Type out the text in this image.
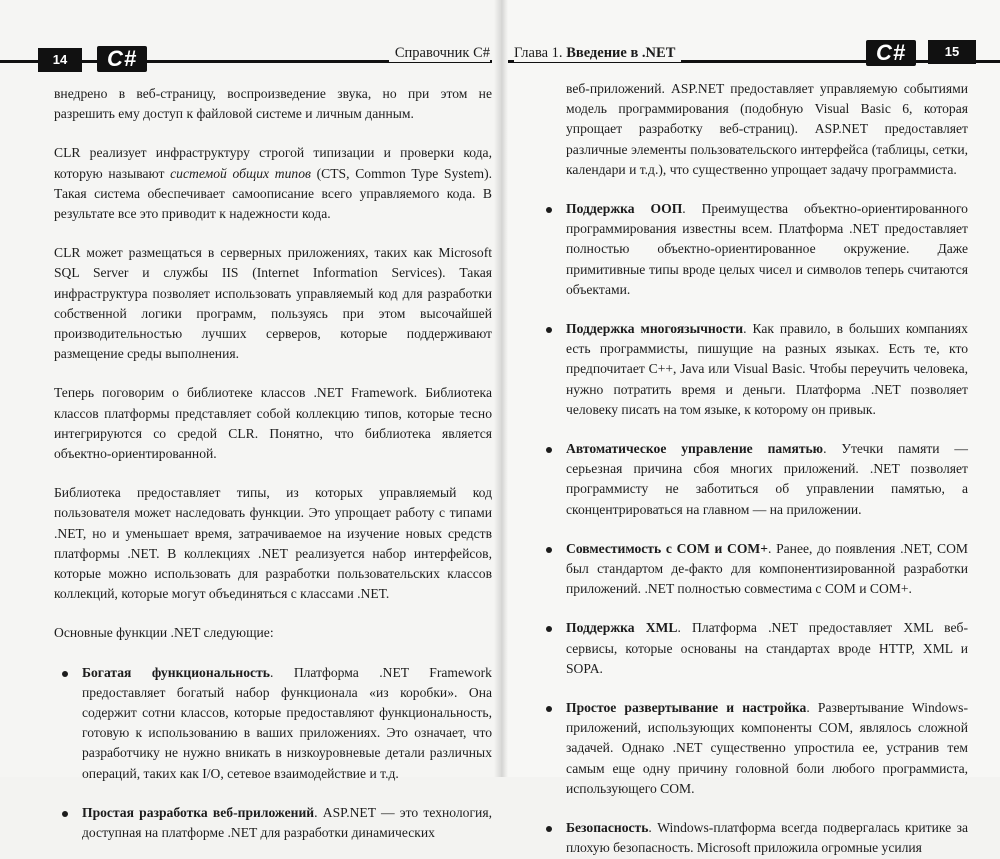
14	C#	Справочник C#

внедрено в веб-страницу, воспроизведение звука, но при этом не разрешить ему доступ к файловой системе и личным данным.

CLR реализует инфраструктуру строгой типизации и проверки кода, которую называют системой общих типов (CTS, Common Type System). Такая система обеспечивает самоописание всего управляемого кода. В результате все это приводит к надежности кода.

CLR может размещаться в серверных приложениях, таких как Microsoft SQL Server и службы IIS (Internet Information Services). Такая инфраструктура позволяет использовать управляемый код для разработки собственной логики программ, пользуясь при этом высочайшей производительностью лучших серверов, которые поддерживают размещение среды выполнения.

Теперь поговорим о библиотеке классов .NET Framework. Библиотека классов платформы представляет собой коллекцию типов, которые тесно интегрируются со средой CLR. Понятно, что библиотека является объектно-ориентированной.

Библиотека предоставляет типы, из которых управляемый код пользователя может наследовать функции. Это упрощает работу с типами .NET, но и уменьшает время, затрачиваемое на изучение новых средств платформы .NET. В коллекциях .NET реализуется набор интерфейсов, которые можно использовать для разработки пользовательских классов коллекций, которые могут объединяться с классами .NET.

Основные функции .NET следующие:

Богатая функциональность. Платформа .NET Framework предоставляет богатый набор функционала «из коробки». Она содержит сотни классов, которые предоставляют функциональность, готовую к использованию в ваших приложениях. Это означает, что разработчику не нужно вникать в низкоуровневые детали различных операций, таких как I/O, сетевое взаимодействие и т.д.
Простая разработка веб-приложений. ASP.NET — это технология, доступная на платформе .NET для разработки динамических
Глава 1. Введение в .NET	C#	15

веб-приложений. ASP.NET предоставляет управляемую событиями модель программирования (подобную Visual Basic 6, которая упрощает разработку веб-страниц). ASP.NET предоставляет различные элементы пользовательского интерфейса (таблицы, сетки, календари и т.д.), что существенно упрощает задачу программиста.

Поддержка ООП. Преимущества объектно-ориентированного программирования известны всем. Платформа .NET предоставляет полностью объектно-ориентированное окружение. Даже примитивные типы вроде целых чисел и символов теперь считаются объектами.
Поддержка многоязычности. Как правило, в больших компаниях есть программисты, пишущие на разных языках. Есть те, кто предпочитает C++, Java или Visual Basic. Чтобы переучить человека, нужно потратить время и деньги. Платформа .NET позволяет человеку писать на том языке, к которому он привык.
Автоматическое управление памятью. Утечки памяти — серьезная причина сбоя многих приложений. .NET позволяет программисту не заботиться об управлении памятью, а сконцентрироваться на главном — на приложении.
Совместимость с COM и COM+. Ранее, до появления .NET, COM был стандартом де-факто для компонентизированной разработки приложений. .NET полностью совместима с COM и COM+.
Поддержка XML. Платформа .NET предоставляет XML веб-сервисы, которые основаны на стандартах вроде HTTP, XML и SOPA.
Простое развертывание и настройка. Развертывание Windows-приложений, использующих компоненты COM, являлось сложной задачей. Однако .NET существенно упростила ее, устранив тем самым еще одну причину головной боли любого программиста, использующего COM.
Безопасность. Windows-платформа всегда подвергалась критике за плохую безопасность. Microsoft приложила огромные усилия
